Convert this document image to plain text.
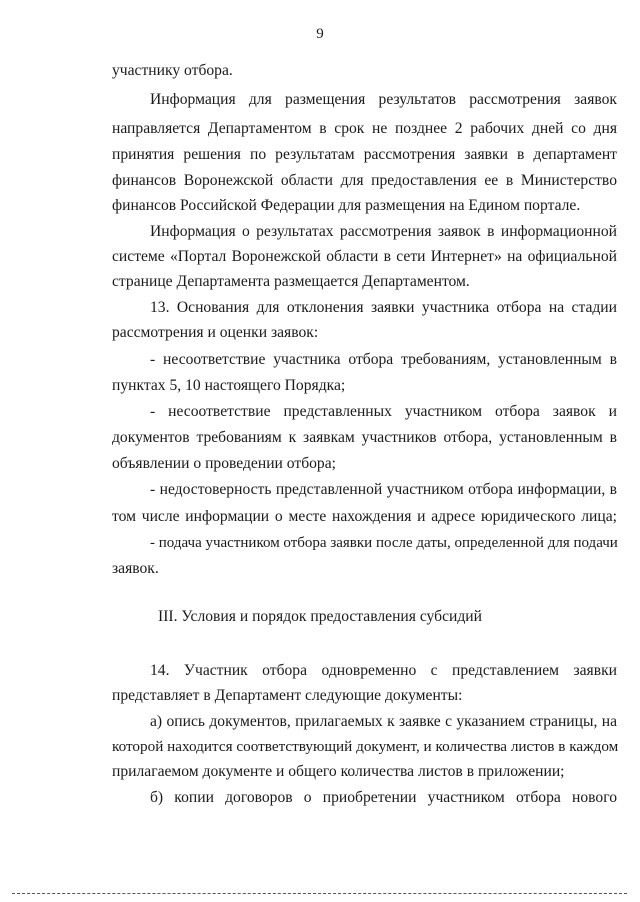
9
участнику отбора.
Информация для размещения результатов рассмотрения заявок
направляется Департаментом в срок не позднее 2 рабочих дней со дня
принятия решения по результатам рассмотрения заявки в департамент
финансов Воронежской области для предоставления ее в Министерство
финансов Российской Федерации для размещения на Едином портале.
Информация о результатах рассмотрения заявок в информационной
системе «Портал Воронежской области в сети Интернет» на официальной
странице Департамента размещается Департаментом.
13. Основания для отклонения заявки участника отбора на стадии
рассмотрения и оценки заявок:
- несоответствие участника отбора требованиям, установленным в
пунктах 5, 10 настоящего Порядка;
- несоответствие представленных участником отбора заявок и
документов требованиям к заявкам участников отбора, установленным в
объявлении о проведении отбора;
- недостоверность представленной участником отбора информации, в
том числе информации о месте нахождения и адресе юридического лица;
- подача участником отбора заявки после даты, определенной для подачи
заявок.
III. Условия и порядок предоставления субсидий
14. Участник отбора одновременно с представлением заявки
представляет в Департамент следующие документы:
а) опись документов, прилагаемых к заявке с указанием страницы, на
которой находится соответствующий документ, и количества листов в каждом
прилагаемом документе и общего количества листов в приложении;
б) копии договоров о приобретении участником отбора нового
